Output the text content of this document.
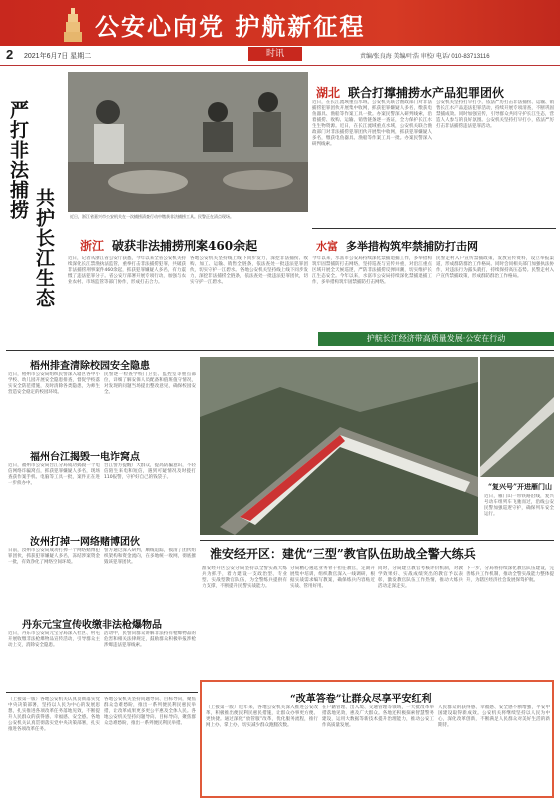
公安心向党 护航新征程
2 2021年6月7日 星期二	时讯	责编/张良海 美编/叶浩 审校/ 电话/ 010-83713116
严打非法捕捞
共护长江生态	近日，浙江省嘉兴市公安机关在一次捕捞清查行动中缴获非法捕捞工具。民警正在清点现场。
湖北 联合打撑捕捞水产品犯罪团伙
近日，在长江流域重点水域，公安机关联合渔政部门对非法捕捞犯罪团伙开展集中收网，抓获犯罪嫌疑人多名，缴获电鱼器具、渔船等作案工具一批。办案民警深入研判线索，沿着捕捞、收购、运输、销售链条逐一查证，全力保护长江水生生物资源。近日，在长江流域重点水域，公安机关联合渔政部门对非法捕捞犯罪团伙开展集中收网，抓获犯罪嫌疑人多名，缴获电鱼器具、渔船等作案工具一批。办案民警深入研判线索。
公安机关坚持打早打小，依法严厉打击非法捕捞、运输、销售长江水产品违法犯罪活动，持续开展专项清查，不断巩固禁捕成效。同时加强宣传，引导群众共同守护长江生态，营造人人参与的良好氛围。公安机关坚持打早打小，依法严厉打击非法捕捞违法犯罪活动。
水富 多举措构筑牢禁捕防打击网
今年以来，水富市公安局持续深化禁捕退捕工作，多举措构筑牢固禁捕防打击网络，坚持巡查与宣传并重，对沿江重点区域开展全天候巡逻，严防非法捕捞反弹回潮，切实维护长江生态安全。今年以来，水富市公安局持续深化禁捕退捕工作，多举措构筑牢固禁捕防打击网络。
民警走村入户宣传禁捕政策，发放宣传资料，设立举报渠道，形成群防群治工作格局。同时会同相关部门加强执法协作，对违法行为露头就打，持续保持高压态势。民警走村入户宣传禁捕政策，形成群防群治工作格局。
护航长江经济带高质量发展·公安在行动
浙江 破获非法捕捞刑案460余起
近日，记者从浙江省公安厅获悉，今年以来全省公安机关持续深化长江禁渔执法监管，重拳打击非法捕捞犯罪，共破获非法捕捞刑事案件460余起，抓获犯罪嫌疑人多名，有力震慑了违法犯罪分子。省公安厅部署开展专项行动，加强与农业农村、市场监管等部门协作，形成打击合力。
各地公安机关坚持线上线下同步发力，深挖非法捕捞、收购、加工、运输、销售全链条，依法查处一批违法犯罪团伙，切实守护一江碧水。各地公安机关坚持线上线下同步发力，深挖非法捕捞全链条，依法查处一批违法犯罪团伙，切实守护一江碧水。
梧州排查清除校园安全隐患
近日，梧州市公安局组织民警深入辖区各中小学校、幼儿园开展安全隐患排查，督促学校落实安全防范措施，及时清除各类隐患，为师生营造安全稳定的校园环境。
民警逐一检查学校门卫室、监控室等重点部位，详细了解安保人员配备和值班值守情况，对发现的问题当场提出整改意见，确保校园安全。
福州台江揭毁一电诈窝点
近日，福州市公安局台江分局成功捣毁一个电信网络诈骗窝点，抓获犯罪嫌疑人多名，现场查获作案手机、电脑等工具一批，案件正在进一步侦办中。
台江警方提醒广大群众，提高防骗意识，不轻信陌生来电和短信，遇到可疑情况及时拨打110报警，守护好自己的钱袋子。
汝州打掉一网络赌博团伙
日前，汝州市公安局成功打掉一个网络赌博犯罪团伙，抓获犯罪嫌疑人多名，冻结涉案资金一批，有效净化了网络空间环境。
警方通过深入研判，顺线追踪，摸清了团伙组织架构和资金流向，在多地统一收网，彻底摧毁该犯罪团伙。
丹东元宝宣传收缴非法枪爆物品
近日，丹东市公安局元宝分局深入社区、村屯开展收缴非法枪爆物品宣传活动，引导群众主动上交，消除安全隐患。
活动中，民警向群众讲解非法持有枪爆物品的危害和相关法律规定，鼓励群众积极举报涉枪涉爆违法犯罪线索。
（上接第一版）各地公安机关认真贯彻落实党中央决策部署，坚持以人民为中心的发展思想，扎实推进各项改革任务落地见效，不断提升人民群众的获得感、幸福感、安全感。各地公安机关认真贯彻落实党中央决策部署，扎实推进各项改革任务。
各地公安机关坚持问题导向、目标导向，聚焦群众急难愁盼，推出一系列便民利民惠民举措，让改革成果更多更公平惠及全体人民。各地公安机关坚持问题导向、目标导向，聚焦群众急难愁盼，推出一系列便民利民举措。
“复兴号”开进雁门山
近日，雁门山一带铁路沿线，复兴号动车组列车飞驰而过，沿线公安民警加强巡逻守护，确保列车安全运行。
淮安经开区：建优“三型”教官队伍助战全警大练兵
淮安经开区公安分局坚持以全警实战大练兵为抓手，着力建设一支政治型、专业型、实战型教官队伍，为全警练兵提供有力支撑，不断提升民警实战能力。
分局精心遴选业务骨干担任教官，定期开展集中培训，组织教官深入一线调研，根据实战需求编写教案，确保练兵内容贴近实战、管用好用。
同时，分局建立教官考核评价机制，对教学效果好、实战成绩突出的教官予以表彰，激发教官队伍工作热情，推动大练兵活动走深走实。
下一步，分局将持续深化教官队伍建设，完善练兵工作机制，推动全警实战能力整体提升，为辖区经济社会发展保驾护航。
“改革答卷”让群众尽享平安红利
（上接第一版）近年来，各地公安机关深入推进公安改革，积极推出便民利民惠民措施，让群众办事更方便、更快捷。通过深化“放管服”改革，优化服务流程，推行网上办、掌上办，切实减少群众跑腿次数。
在户籍管理、出入境、交通管理等领域，一大批改革举措落地见效，惠及广大群众。各地还积极探索智慧警务建设，运用大数据等新技术提升治理能力，推动公安工作高质量发展。
人民群众的获得感、幸福感、安全感不断增强，平安中国建设取得新成效。公安机关将继续坚持以人民为中心，深化改革创新，不断满足人民群众对美好生活的新期待。
